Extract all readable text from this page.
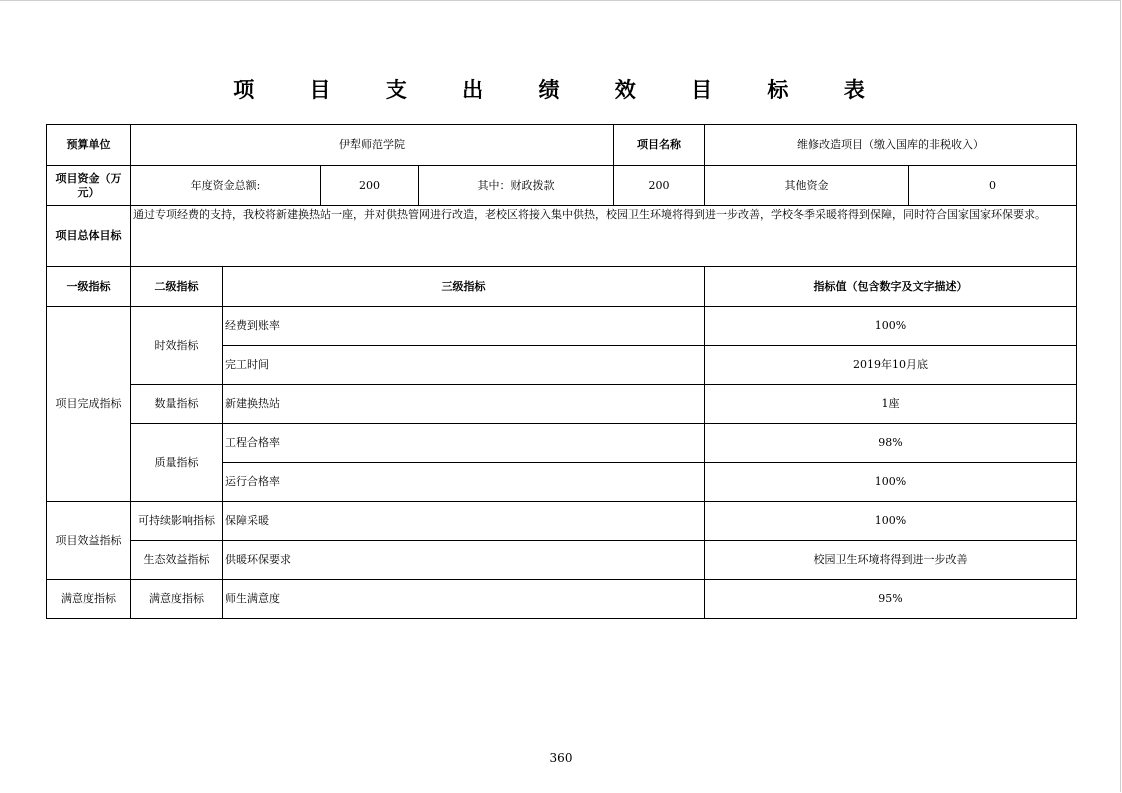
项 目 支 出 绩 效 目 标 表
预算单位	伊犁师范学院				项目名称	维修改造项目（缴入国库的非税收入）	
项目资金（万元）	年度资金总额:		200	其中：财政拨款	200	其他资金	0
项目总体目标	通过专项经费的支持，我校将新建换热站一座，并对供热管网进行改造，老校区将接入集中供热，校园卫生环境将得到进一步改善，学校冬季采暖将得到保障，同时符合国家国家环保要求。						
一级指标	二级指标	三级指标				指标值（包含数字及文字描述）	
项目完成指标	时效指标	经费到账率				100%	
		完工时间				2019年10月底	
	数量指标	新建换热站				1座	
	质量指标	工程合格率				98%	
		运行合格率				100%	
项目效益指标	可持续影响指标	保障采暖				100%	
	生态效益指标	供暖环保要求				校园卫生环境将得到进一步改善	
满意度指标	满意度指标	师生满意度				95%	
360
